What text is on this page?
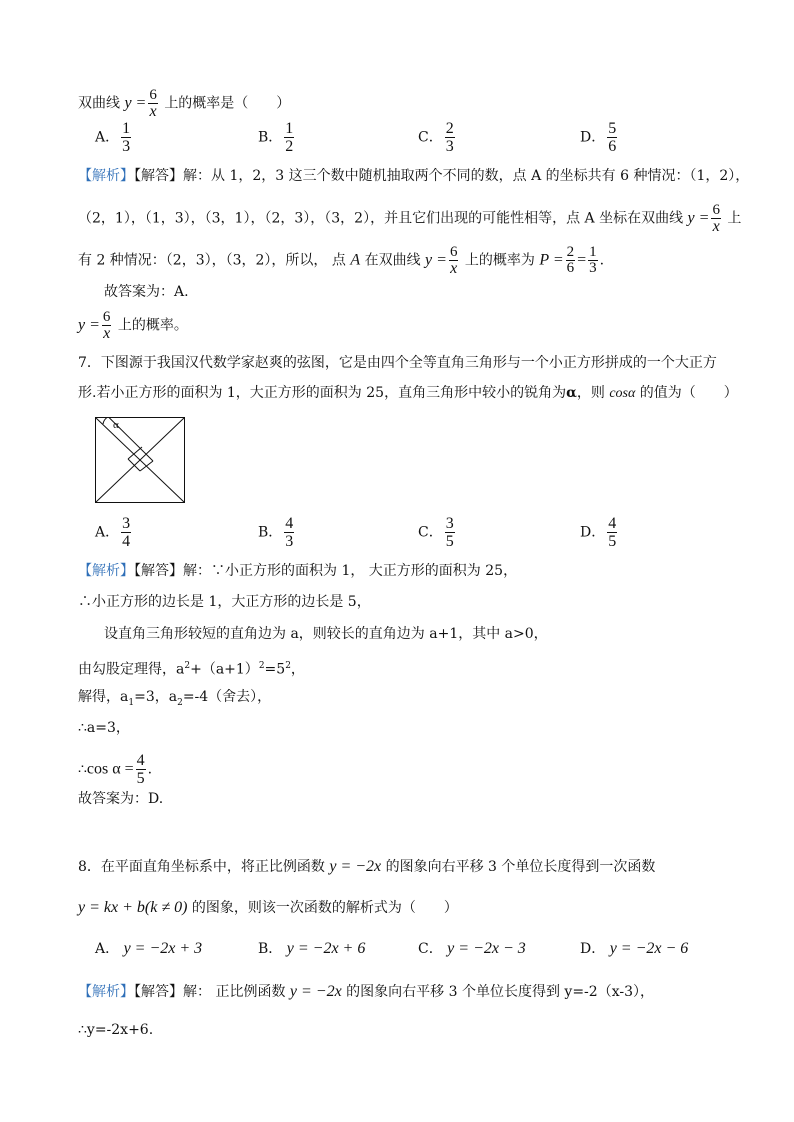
双曲线 $y = \frac{6}{x}$ 上的概率是（　　）
A． $\frac{1}{3}$	B． $\frac{1}{2}$	C． $\frac{2}{3}$	D． $\frac{5}{6}$
【解析】【解答】解：从 1，2，3 这三个数中随机抽取两个不同的数，点 A 的坐标共有 6 种情况：（1，2），
（2，1），（1，3），（3，1），（2，3），（3，2），并且它们出现的可能性相等，点 A 坐标在双曲线 $y = \frac{6}{x}$ 上
有 2 种情况：（2，3），（3，2），所以， 点 A 在双曲线 $y = \frac{6}{x}$ 上的概率为 $P = \frac{2}{6} = \frac{1}{3}$ .
故答案为：A.
$y = \frac{6}{x}$ 上的概率。
7．下图源于我国汉代数学家赵爽的弦图，它是由四个全等直角三角形与一个小正方形拼成的一个大正方
形.若小正方形的面积为 1，大正方形的面积为 25，直角三角形中较小的锐角为α，则 cosα 的值为（　　）
α
A． $\frac{3}{4}$	B． $\frac{4}{3}$	C． $\frac{3}{5}$	D． $\frac{4}{5}$
【解析】【解答】解：∵小正方形的面积为 1， 大正方形的面积为 25，
∴小正方形的边长是 1，大正方形的边长是 5，
设直角三角形较短的直角边为 a，则较长的直角边为 a+1，其中 a>0，
由勾股定理得，$a^2+(a+1)^2=5^2$，
解得，$a_1=3$，$a_2=-4$（舍去），
∴a=3，
∴cos $\alpha = \frac{4}{5}$ .
故答案为：D.
8．在平面直角坐标系中，将正比例函数 y = −2x 的图象向右平移 3 个单位长度得到一次函数
y = kx + b(k ≠ 0) 的图象，则该一次函数的解析式为（　　）
A． y = −2x + 3	B． y = −2x + 6	C． y = −2x − 3	D． y = −2x − 6
【解析】【解答】解： 正比例函数 y = −2x 的图象向右平移 3 个单位长度得到 y=-2（x-3），
∴y=-2x+6.
